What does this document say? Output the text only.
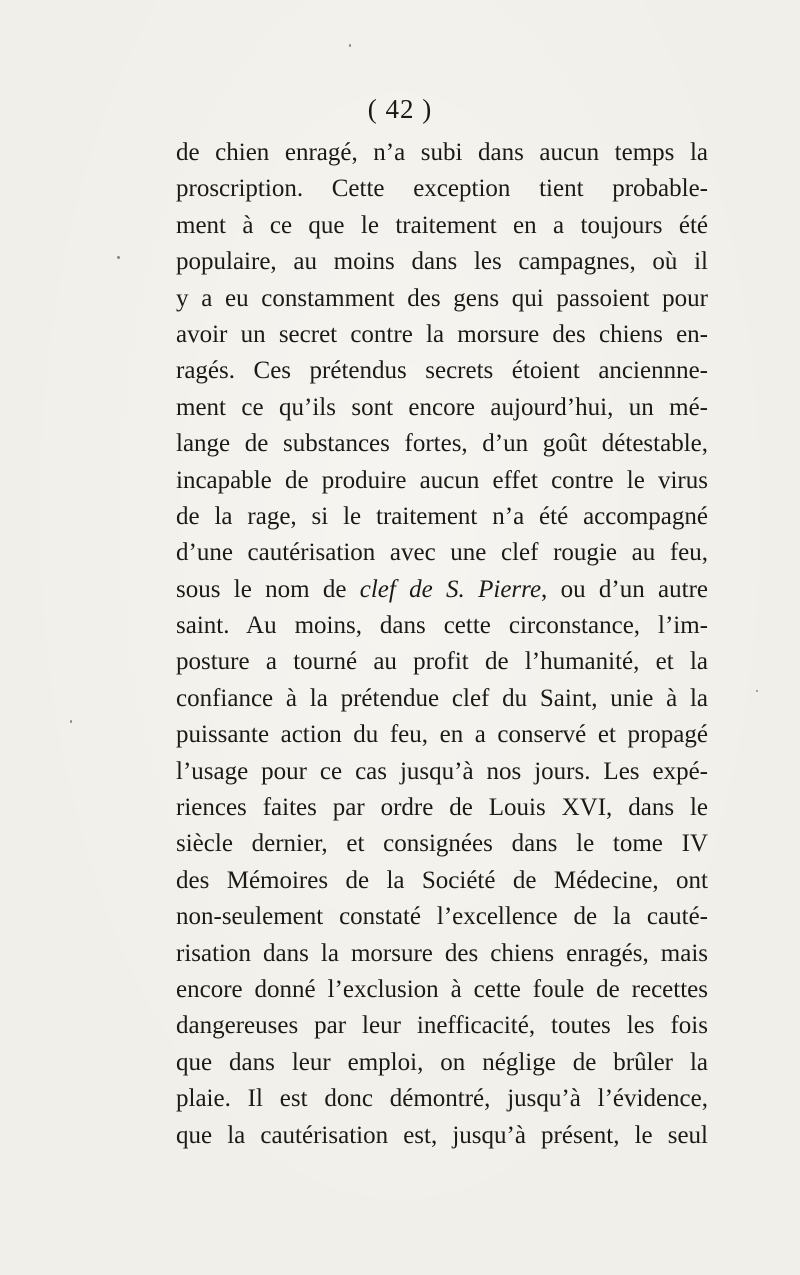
( 42 )
de chien enragé, n’a subi dans aucun temps la
proscription. Cette exception tient probable-
ment à ce que le traitement en a toujours été
populaire, au moins dans les campagnes, où il
y a eu constamment des gens qui passoient pour
avoir un secret contre la morsure des chiens en-
ragés. Ces prétendus secrets étoient anciennne-
ment ce qu’ils sont encore aujourd’hui, un mé-
lange de substances fortes, d’un goût détestable,
incapable de produire aucun effet contre le virus
de la rage, si le traitement n’a été accompagné
d’une cautérisation avec une clef rougie au feu,
sous le nom de clef de S. Pierre, ou d’un autre
saint. Au moins, dans cette circonstance, l’im-
posture a tourné au profit de l’humanité, et la
confiance à la prétendue clef du Saint, unie à la
puissante action du feu, en a conservé et propagé
l’usage pour ce cas jusqu’à nos jours. Les expé-
riences faites par ordre de Louis XVI, dans le
siècle dernier, et consignées dans le tome IV
des Mémoires de la Société de Médecine, ont
non-seulement constaté l’excellence de la cauté-
risation dans la morsure des chiens enragés, mais
encore donné l’exclusion à cette foule de recettes
dangereuses par leur inefficacité, toutes les fois
que dans leur emploi, on néglige de brûler la
plaie. Il est donc démontré, jusqu’à l’évidence,
que la cautérisation est, jusqu’à présent, le seul
